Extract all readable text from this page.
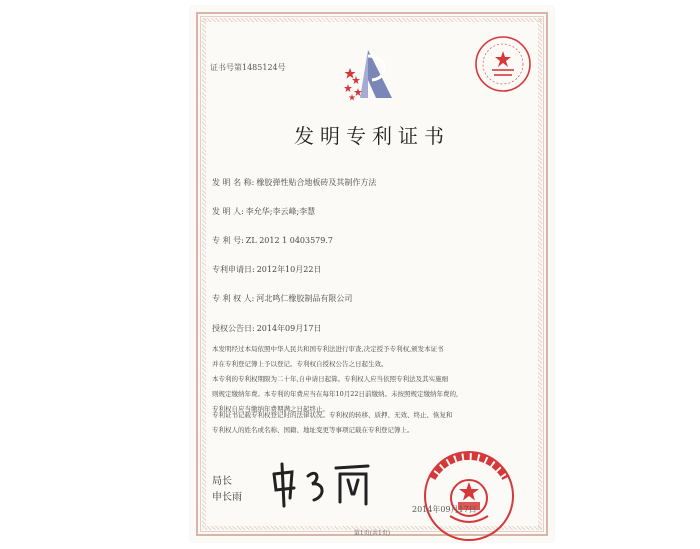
证书号第1485124号
发明专利证书
发 明 名 称: 橡胶弹性贴合地板砖及其制作方法
发 明 人: 李允华;李云峰;李慧
专 利 号: ZL 2012 1 0403579.7
专利申请日: 2012年10月22日
专 利 权 人: 河北鸣仁橡胶制品有限公司
授权公告日: 2014年09月17日
本发明经过本局依照中华人民共和国专利法进行审查,决定授予专利权,颁发本证书
并在专利登记簿上予以登记。专利权自授权公告之日起生效。
本专利的专利权期限为二十年,自申请日起算。专利权人应当依照专利法及其实施细
则规定缴纳年费。本专利的年费应当在每年10月22日前缴纳。未按照规定缴纳年费的,
专利权自应当缴纳年费期满之日起终止。
专利证书记载专利权登记时的法律状况。专利权的转移、质押、无效、终止、恢复和
专利权人的姓名或名称、国籍、地址变更等事项记载在专利登记簿上。
局长
申长雨
2014年09月17日
第1页(共1页)
